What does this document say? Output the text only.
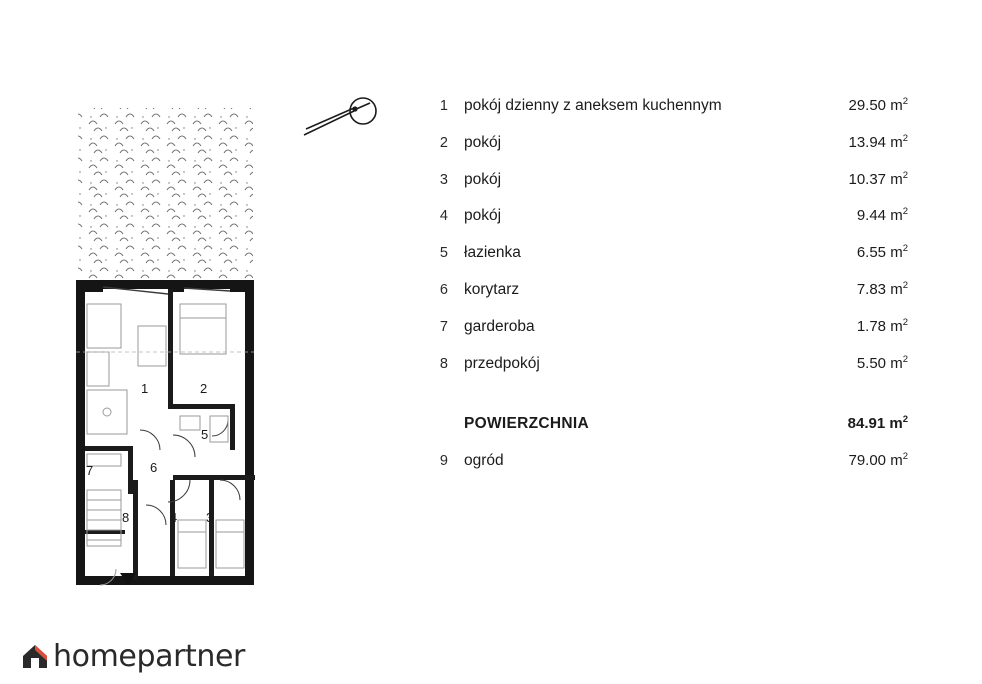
1	2
3
4
5
6
7
8
1	pokój dzienny z aneksem kuchennym	29.50 $m^2$
2	pokój	13.94 $m^2$
3	pokój	10.37 $m^2$
4	pokój	9.44 $m^2$
5	łazienka	6.55 $m^2$
6	korytarz	7.83 $m^2$
7	garderoba	1.78 $m^2$
8	przedpokój	5.50 $m^2$
POWIERZCHNIA	84.91 $m^2$
9	ogród	79.00 $m^2$
homepartner
